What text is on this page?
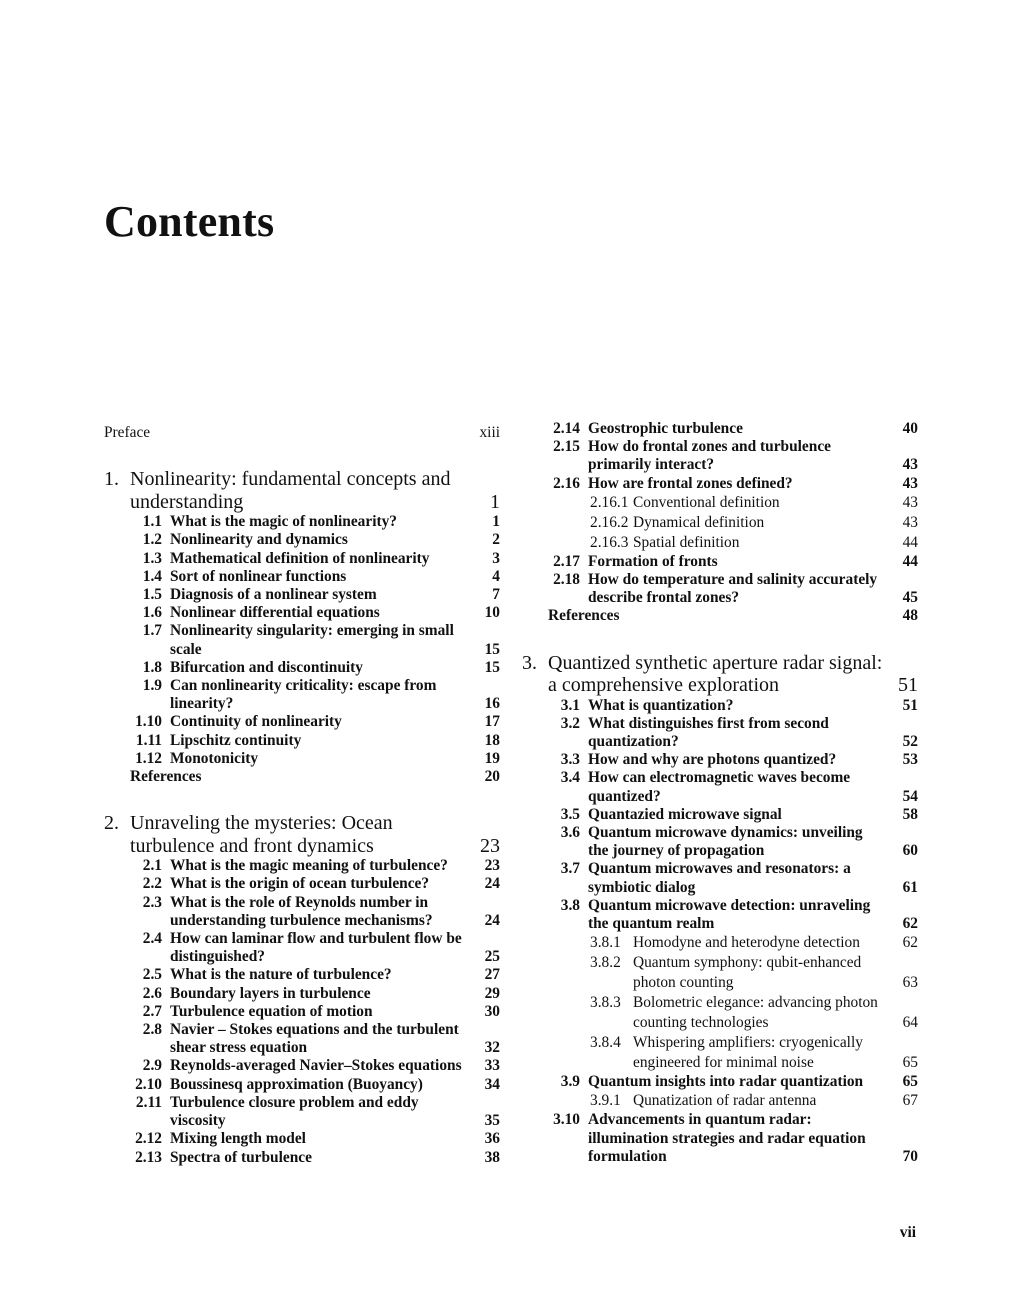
Contents
Preface	xiii
1. Nonlinearity: fundamental concepts and understanding	1
1.1 What is the magic of nonlinearity?	1
1.2 Nonlinearity and dynamics	2
1.3 Mathematical definition of nonlinearity	3
1.4 Sort of nonlinear functions	4
1.5 Diagnosis of a nonlinear system	7
1.6 Nonlinear differential equations	10
1.7 Nonlinearity singularity: emerging in small scale	15
1.8 Bifurcation and discontinuity	15
1.9 Can nonlinearity criticality: escape from linearity?	16
1.10 Continuity of nonlinearity	17
1.11 Lipschitz continuity	18
1.12 Monotonicity	19
References	20
2. Unraveling the mysteries: Ocean turbulence and front dynamics	23
2.1 What is the magic meaning of turbulence?	23
2.2 What is the origin of ocean turbulence?	24
2.3 What is the role of Reynolds number in understanding turbulence mechanisms?	24
2.4 How can laminar flow and turbulent flow be distinguished?	25
2.5 What is the nature of turbulence?	27
2.6 Boundary layers in turbulence	29
2.7 Turbulence equation of motion	30
2.8 Navier – Stokes equations and the turbulent shear stress equation	32
2.9 Reynolds-averaged Navier–Stokes equations	33
2.10 Boussinesq approximation (Buoyancy)	34
2.11 Turbulence closure problem and eddy viscosity	35
2.12 Mixing length model	36
2.13 Spectra of turbulence	38
2.14 Geostrophic turbulence	40
2.15 How do frontal zones and turbulence primarily interact?	43
2.16 How are frontal zones defined?	43
2.16.1 Conventional definition	43
2.16.2 Dynamical definition	43
2.16.3 Spatial definition	44
2.17 Formation of fronts	44
2.18 How do temperature and salinity accurately describe frontal zones?	45
References	48
3. Quantized synthetic aperture radar signal: a comprehensive exploration	51
3.1 What is quantization?	51
3.2 What distinguishes first from second quantization?	52
3.3 How and why are photons quantized?	53
3.4 How can electromagnetic waves become quantized?	54
3.5 Quantazied microwave signal	58
3.6 Quantum microwave dynamics: unveiling the journey of propagation	60
3.7 Quantum microwaves and resonators: a symbiotic dialog	61
3.8 Quantum microwave detection: unraveling the quantum realm	62
3.8.1 Homodyne and heterodyne detection	62
3.8.2 Quantum symphony: qubit-enhanced photon counting	63
3.8.3 Bolometric elegance: advancing photon counting technologies	64
3.8.4 Whispering amplifiers: cryogenically engineered for minimal noise	65
3.9 Quantum insights into radar quantization	65
3.9.1 Qunatization of radar antenna	67
3.10 Advancements in quantum radar: illumination strategies and radar equation formulation	70
vii
